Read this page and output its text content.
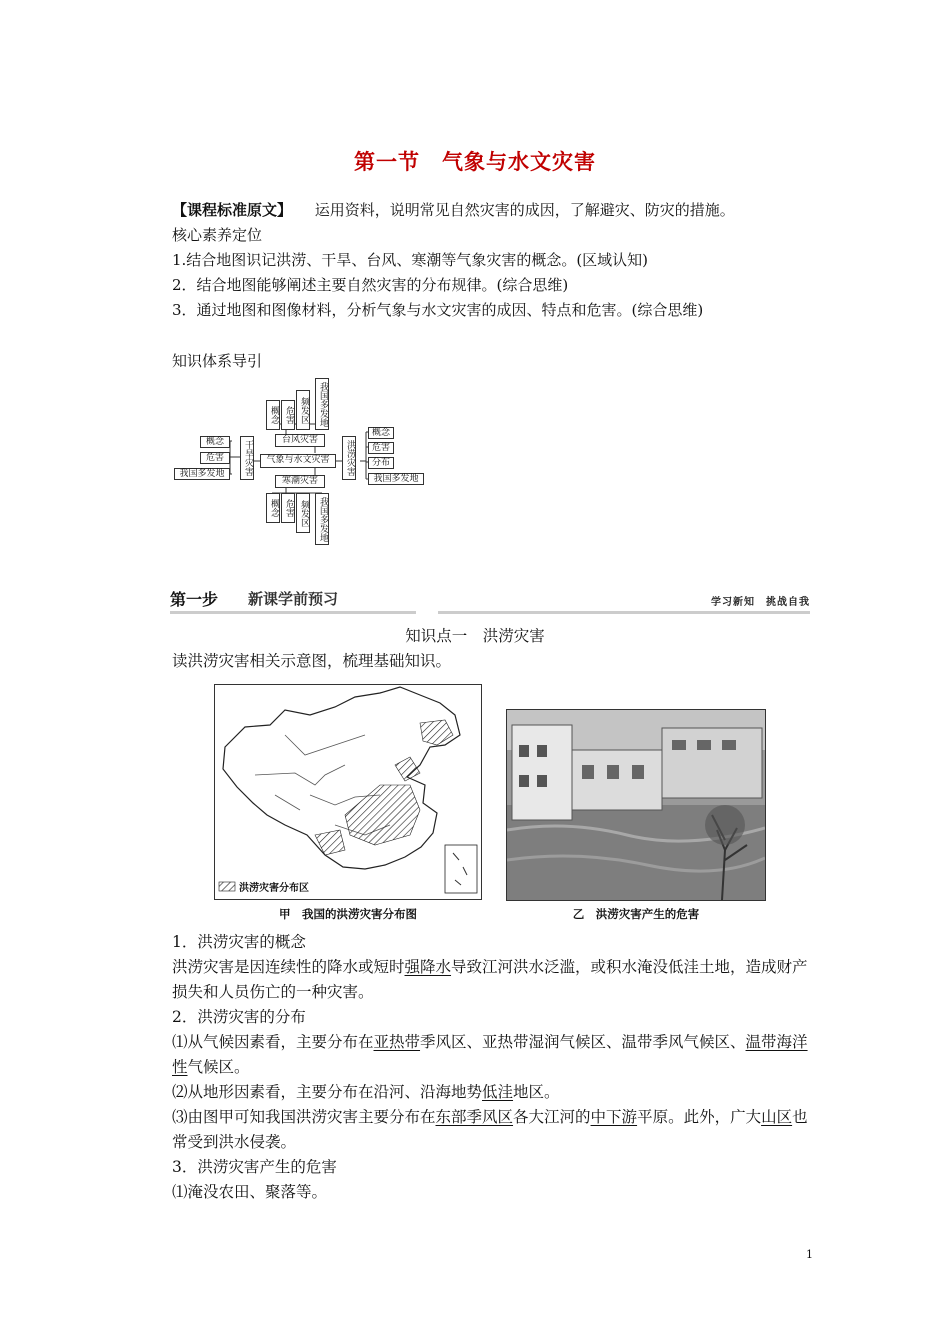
第一节　气象与水文灾害
【课程标准原文】 运用资料，说明常见自然灾害的成因，了解避灾、防灾的措施。
核心素养定位
1.结合地图识记洪涝、干旱、台风、寒潮等气象灾害的概念。(区域认知)
2．结合地图能够阐述主要自然灾害的分布规律。(综合思维)
3．通过地图和图像材料，分析气象与水文灾害的成因、特点和危害。(综合思维)
知识体系导引
概念 危害 频发区	我国多发地
台风灾害
气象与水文灾害
寒潮灾害
概念 危害 频发区	我国多发地
干旱灾害
概念
危害
我国多发地	洪涝灾害
概念
危害
分布
我国多发地
第一步 新课学前预习	学习新知　挑战自我
知识点一　洪涝灾害
读洪涝灾害相关示意图，梳理基础知识。
洪涝灾害分布区
甲　我国的洪涝灾害分布图	乙　洪涝灾害产生的危害
1．洪涝灾害的概念
洪涝灾害是因连续性的降水或短时强降水导致江河洪水泛滥，或积水淹没低洼土地，造成财产损失和人员伤亡的一种灾害。
2．洪涝灾害的分布
⑴从气候因素看，主要分布在亚热带季风区、亚热带湿润气候区、温带季风气候区、温带海洋性气候区。
⑵从地形因素看，主要分布在沿河、沿海地势低洼地区。
⑶由图甲可知我国洪涝灾害主要分布在东部季风区各大江河的中下游平原。此外，广大山区也常受到洪水侵袭。
3．洪涝灾害产生的危害
⑴淹没农田、聚落等。
1
